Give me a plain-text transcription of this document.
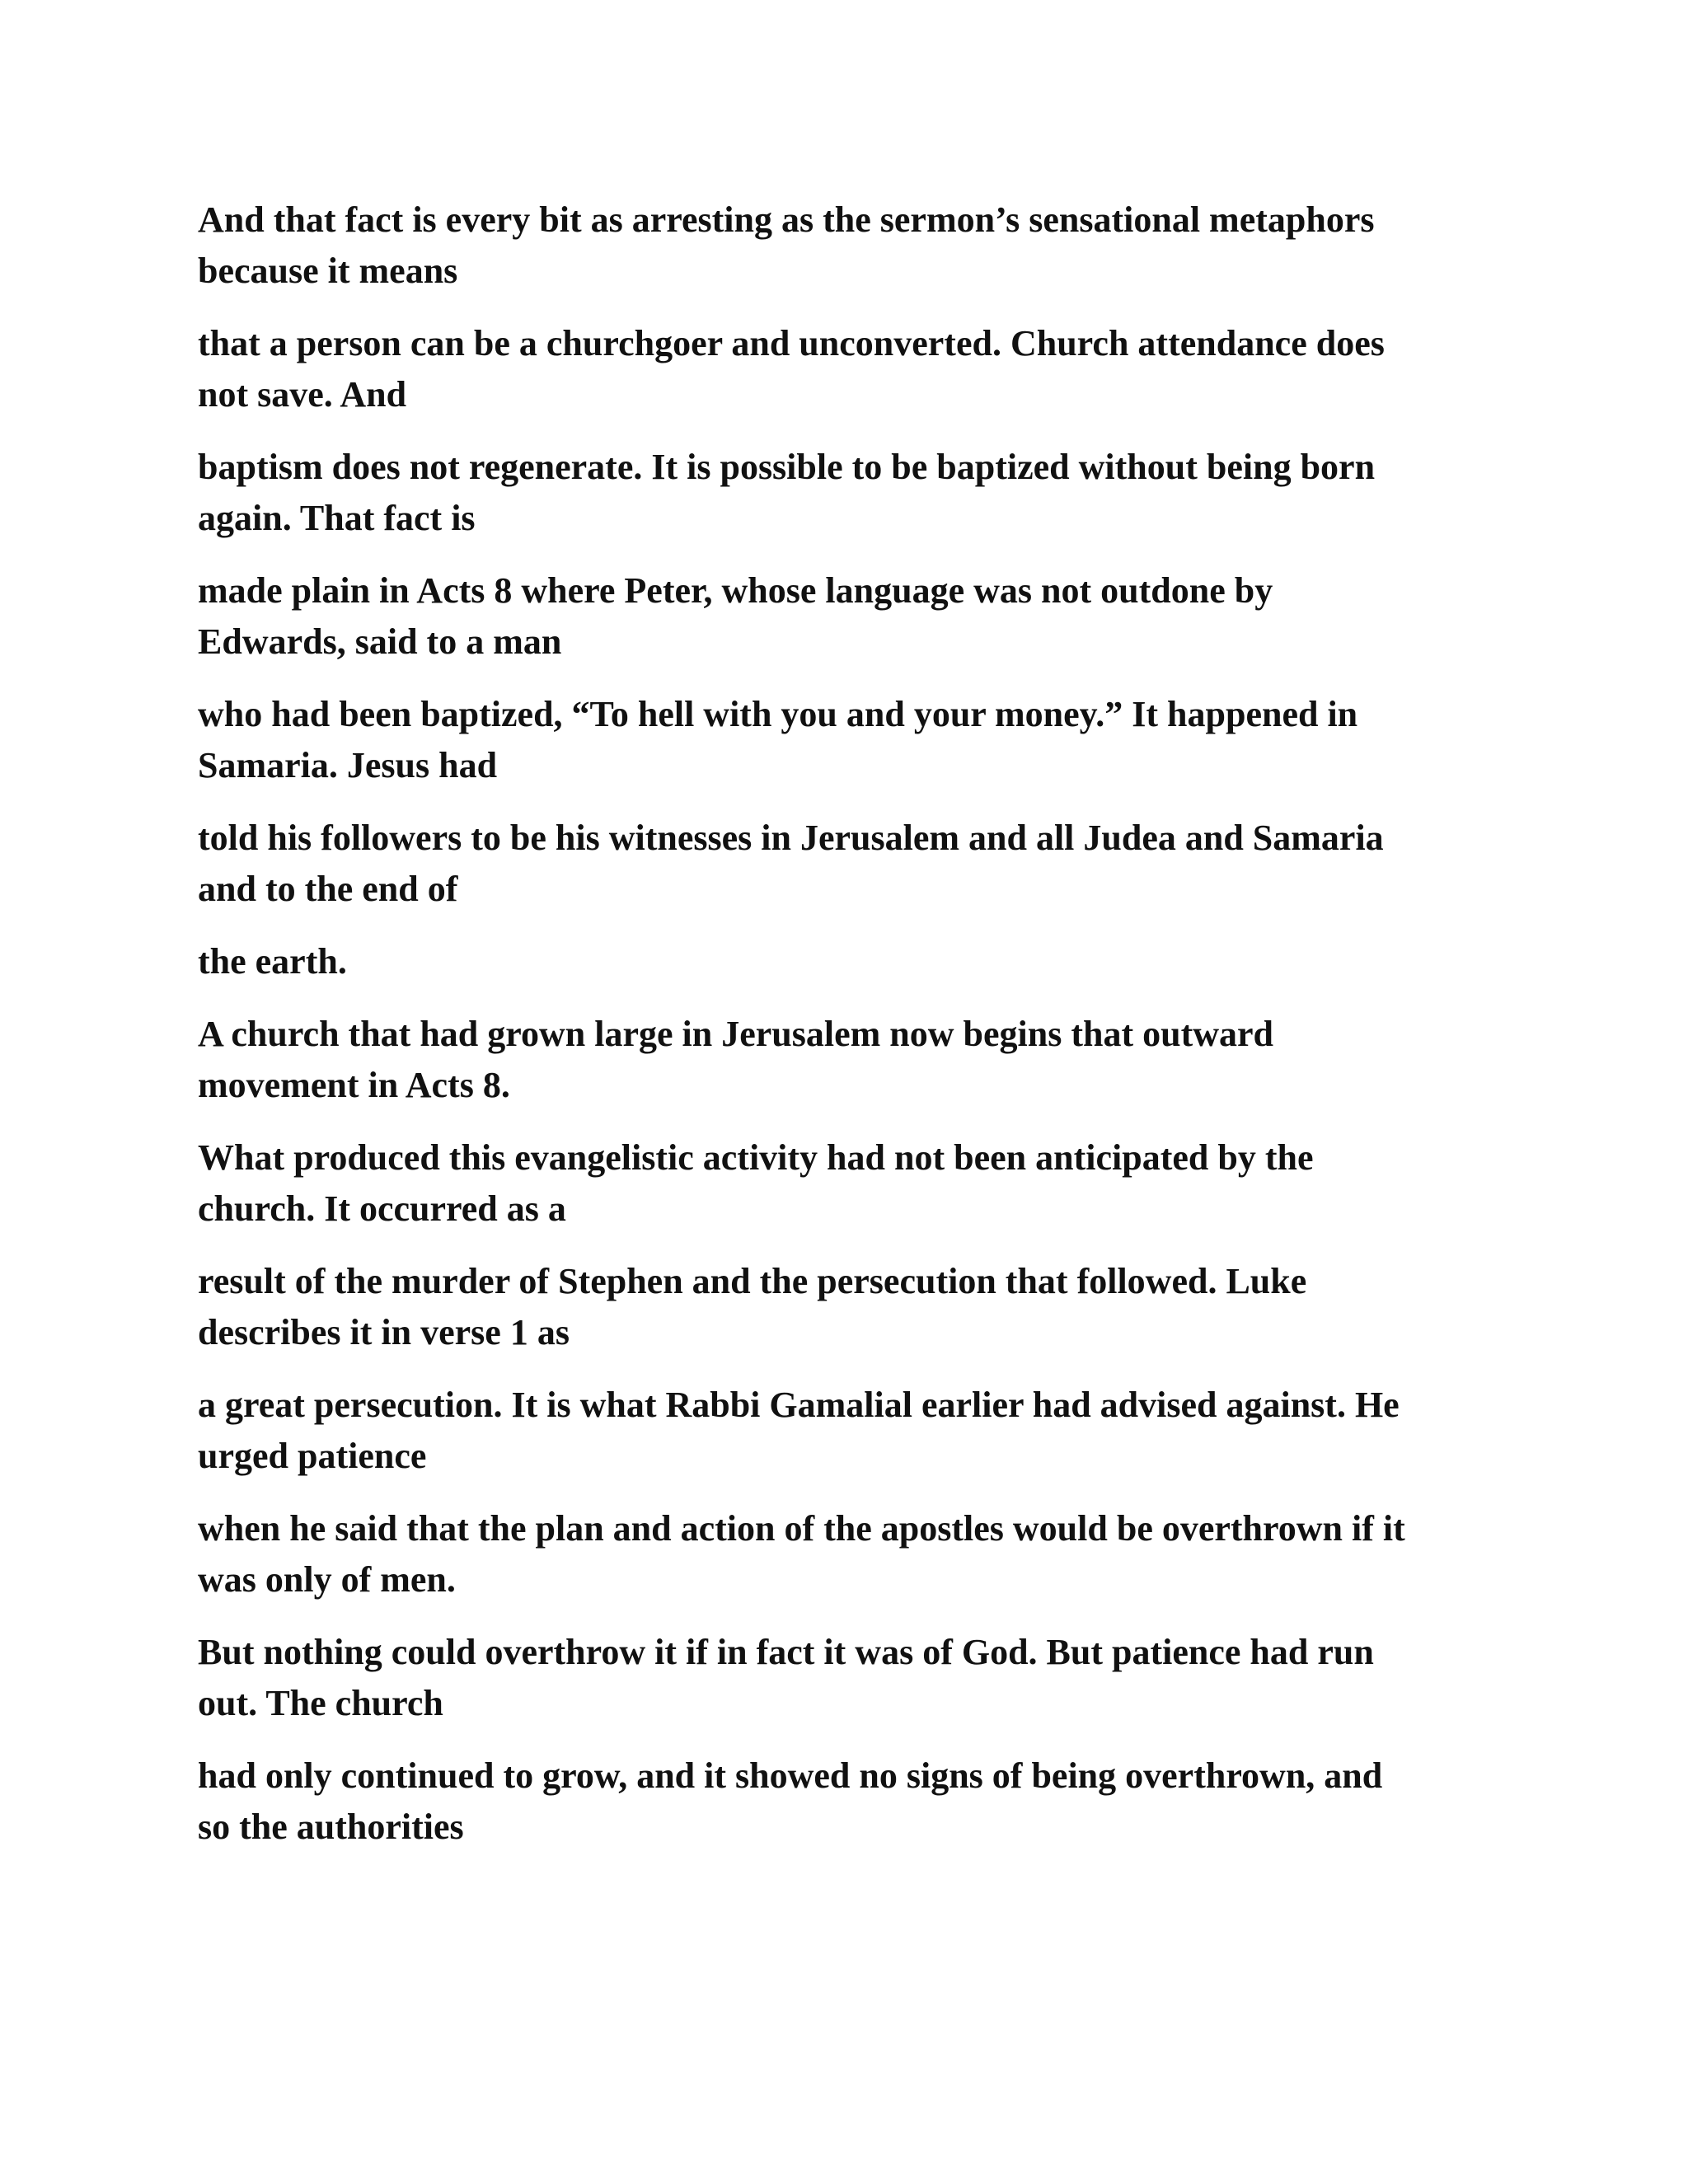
And that fact is every bit as arresting as the sermon’s sensational metaphors
because it means

that a person can be a churchgoer and unconverted. Church attendance does
not save. And

baptism does not regenerate. It is possible to be baptized without being born
again. That fact is

made plain in Acts 8 where Peter, whose language was not outdone by
Edwards, said to a man

who had been baptized, “To hell with you and your money.” It happened in
Samaria. Jesus had

told his followers to be his witnesses in Jerusalem and all Judea and Samaria
and to the end of

the earth.

A church that had grown large in Jerusalem now begins that outward
movement in Acts 8.

What produced this evangelistic activity had not been anticipated by the
church. It occurred as a

result of the murder of Stephen and the persecution that followed. Luke
describes it in verse 1 as

a great persecution. It is what Rabbi Gamalial earlier had advised against. He
urged patience

when he said that the plan and action of the apostles would be overthrown if it
was only of men.

But nothing could overthrow it if in fact it was of God. But patience had run
out. The church

had only continued to grow, and it showed no signs of being overthrown, and
so the authorities
